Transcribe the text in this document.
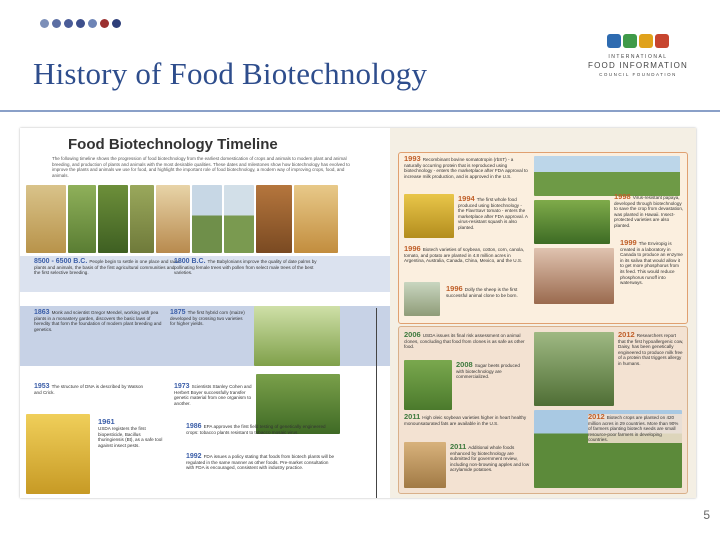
History of Food Biotechnology	INTERNATIONAL
FOOD INFORMATION
COUNCIL FOUNDATION
Food Biotechnology Timeline

The following timeline shows the progression of food biotechnology from the earliest domestication of crops and animals to modern plant and animal breeding, and production of plants and animals with the most desirable qualities. These dates and milestones show how biotechnology has evolved to improve the plants and animals we use for food, and highlight the important role of food biotechnology, a modern way of improving crops, food, and animals.

8500 - 6500 B.C. People begin to settle in one place and raise plants and animals, the basis of the first agricultural communities and the first selective breeding.
1800 B.C. The Babylonians improve the quality of date palms by pollinating female trees with pollen from select male trees of the best varieties.
1863 Monk and scientist Gregor Mendel, working with pea plants in a monastery garden, discovers the basic laws of heredity that form the foundation of modern plant breeding and genetics.
1875 The first hybrid corn (maize) developed by crossing two varieties for higher yields.
1953 The structure of DNA is described by Watson and Crick.
1973 Scientists Stanley Cohen and Herbert Boyer successfully transfer genetic material from one organism to another.
1961
USDA registers the first biopesticide, Bacillus thuringiensis (Bt), as a safe tool against insect pests.
1986 EPA approves the first field testing of genetically engineered crops: tobacco plants resistant to tobacco mosaic virus.
1992 FDA issues a policy stating that foods from biotech plants will be regulated in the same manner as other foods. Pre-market consultation with FDA is encouraged, consistent with industry practice.
1993 Recombinant bovine somatotropin (rbST) - a naturally occurring protein that is reproduced using biotechnology - enters the marketplace after FDA approval to increase milk production, and is approved in the U.S.
1994 The first whole food produced using biotechnology - the FlavrSavr tomato - enters the marketplace after FDA approval. A virus-resistant squash is also planted.
1998 Virus-resistant papaya, developed through biotechnology to save the crop from devastation, was planted in Hawaii. Insect-protected varieties are also planted.
1996 Biotech varieties of soybean, cotton, corn, canola, tomato, and potato are planted in 4.8 million acres in Argentina, Australia, Canada, China, Mexico, and the U.S.
1999 The Enviropig is created in a laboratory in Canada to produce an enzyme in its saliva that would allow it to get more phosphorus from its feed. This would reduce phosphorus runoff into waterways.
1996 Dolly the sheep is the first successful animal clone to be born.
2006 USDA issues its final risk assessment on animal clones, concluding that food from clones is as safe as other food.
2012 Researchers report that the first hypoallergenic cow, Daisy, has been genetically engineered to produce milk free of a protein that triggers allergy in humans.
2008 Sugar beets produced with biotechnology are commercialized.
2011 High oleic soybean varieties higher in heart healthy monounsaturated fats are available in the U.S.
2011 Additional whole foods enhanced by biotechnology are submitted for government review, including non-browning apples and low acrylamide potatoes.
2012 Biotech crops are planted on 420 million acres in 29 countries. More than 90% of farmers planting biotech seeds are small resource-poor farmers in developing countries.
5
